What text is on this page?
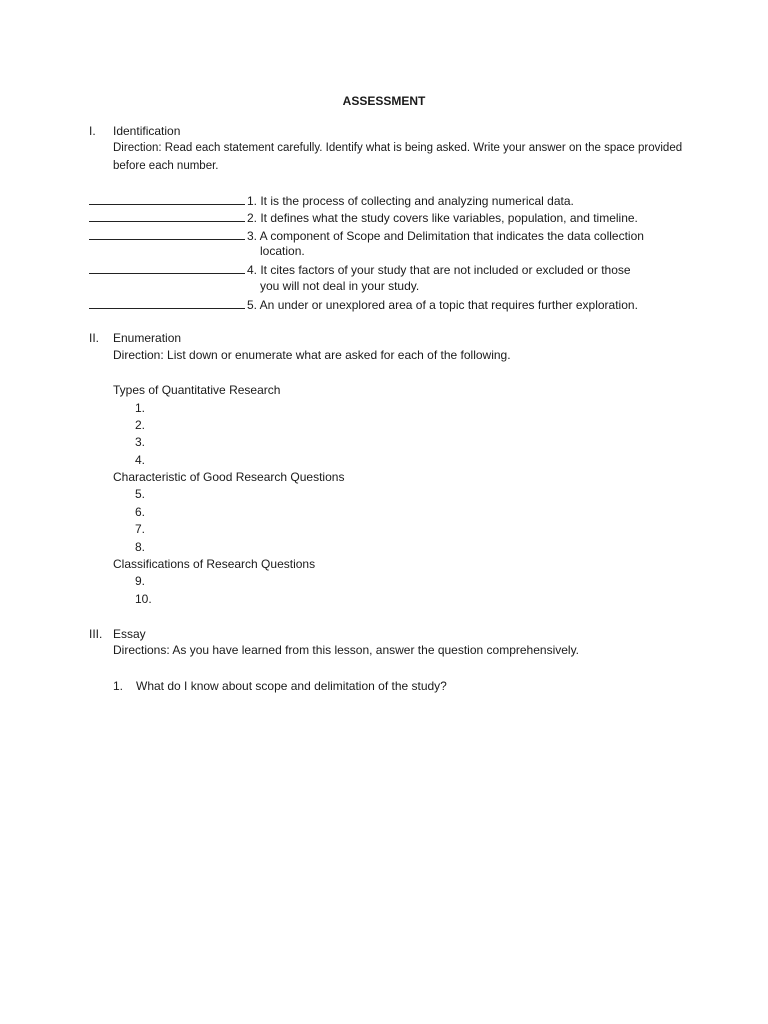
ASSESSMENT
I. Identification
Direction: Read each statement carefully. Identify what is being asked. Write your answer on the space provided before each number.
1. It is the process of collecting and analyzing numerical data.
2. It defines what the study covers like variables, population, and timeline.
3. A component of Scope and Delimitation that indicates the data collection
location.
4. It cites factors of your study that are not included or excluded or those
you will not deal in your study.
5. An under or unexplored area of a topic that requires further exploration.
II. Enumeration
Direction: List down or enumerate what are asked for each of the following.
Types of Quantitative Research
1.
2.
3.
4.
Characteristic of Good Research Questions
5.
6.
7.
8.
Classifications of Research Questions
9.
10.
III. Essay
Directions: As you have learned from this lesson, answer the question comprehensively.
1. What do I know about scope and delimitation of the study?
